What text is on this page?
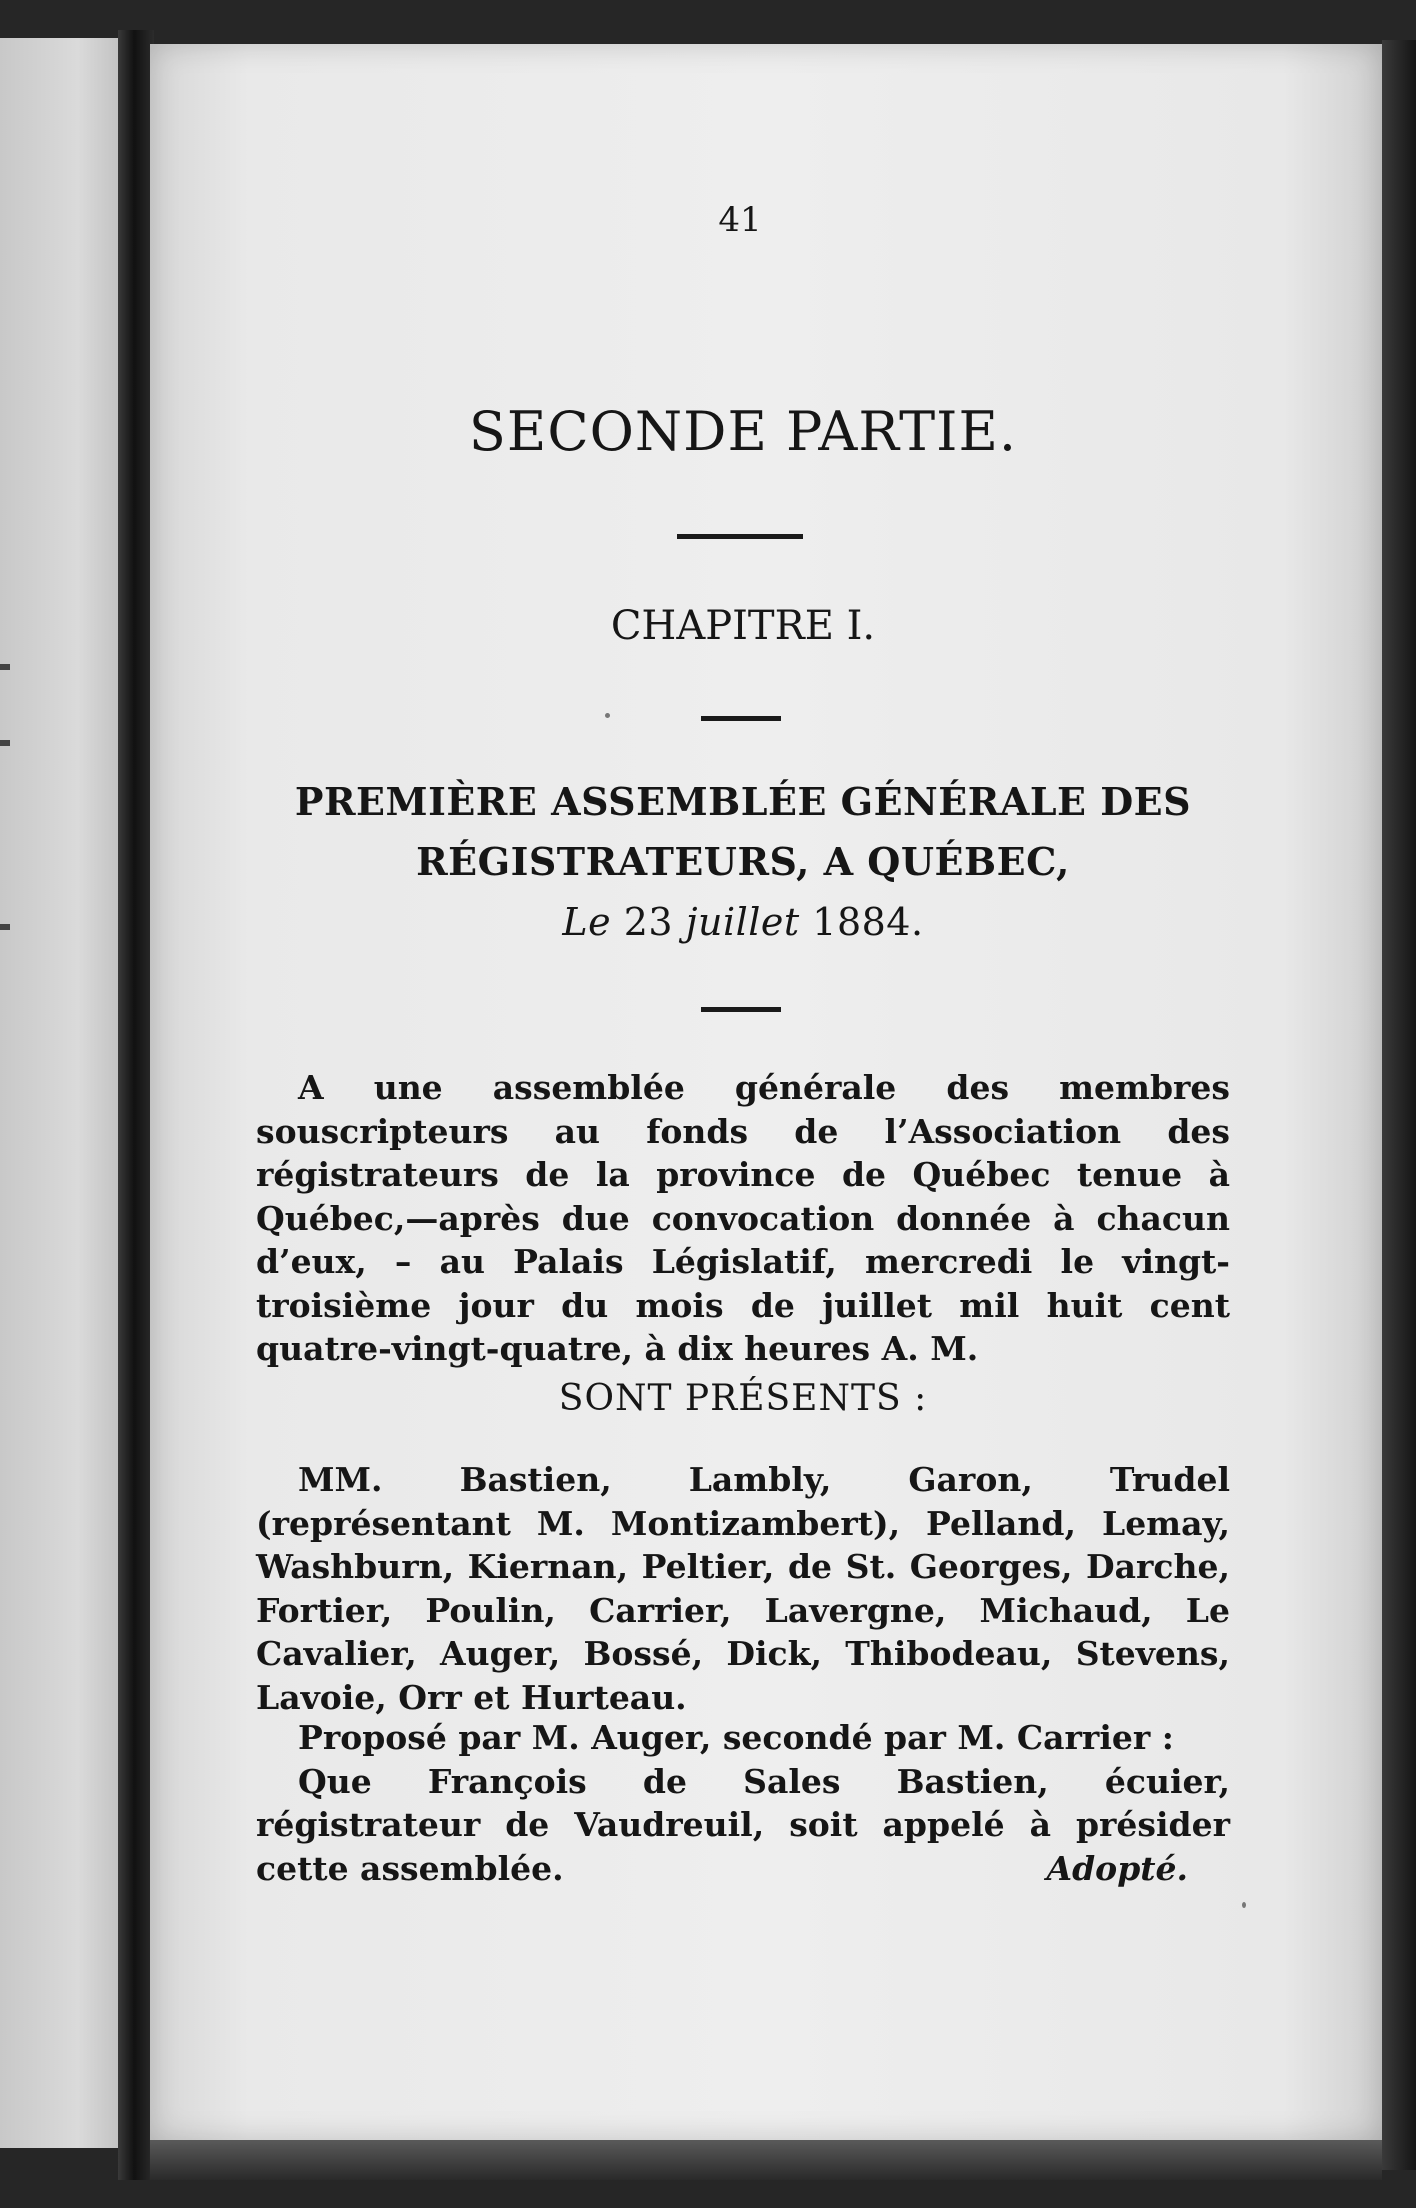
41
SECONDE PARTIE.
CHAPITRE I.
PREMIÈRE ASSEMBLÉE GÉNÉRALE DES
RÉGISTRATEURS, A QUÉBEC,
Le 23 juillet 1884.

A une assemblée générale des membres souscripteurs au fonds de l’Association des régistrateurs de la province de Québec tenue à Québec,—après due convocation donnée à chacun d’eux, – au Palais Législatif, mercredi le vingt-troisième jour du mois de juillet mil huit cent quatre-vingt-quatre, à dix heures A. M.

SONT PRÉSENTS :

MM. Bastien, Lambly, Garon, Trudel (représentant M. Montizambert), Pelland, Lemay, Washburn, Kiernan, Peltier, de St. Georges, Darche, Fortier, Poulin, Carrier, Lavergne, Michaud, Le Cavalier, Auger, Bossé, Dick, Thibodeau, Stevens, Lavoie, Orr et Hurteau.

Proposé par M. Auger, secondé par M. Carrier :

Que François de Sales Bastien, écuier, régistrateur de Vaudreuil, soit appelé à présider cette assemblée.	Adopté.
